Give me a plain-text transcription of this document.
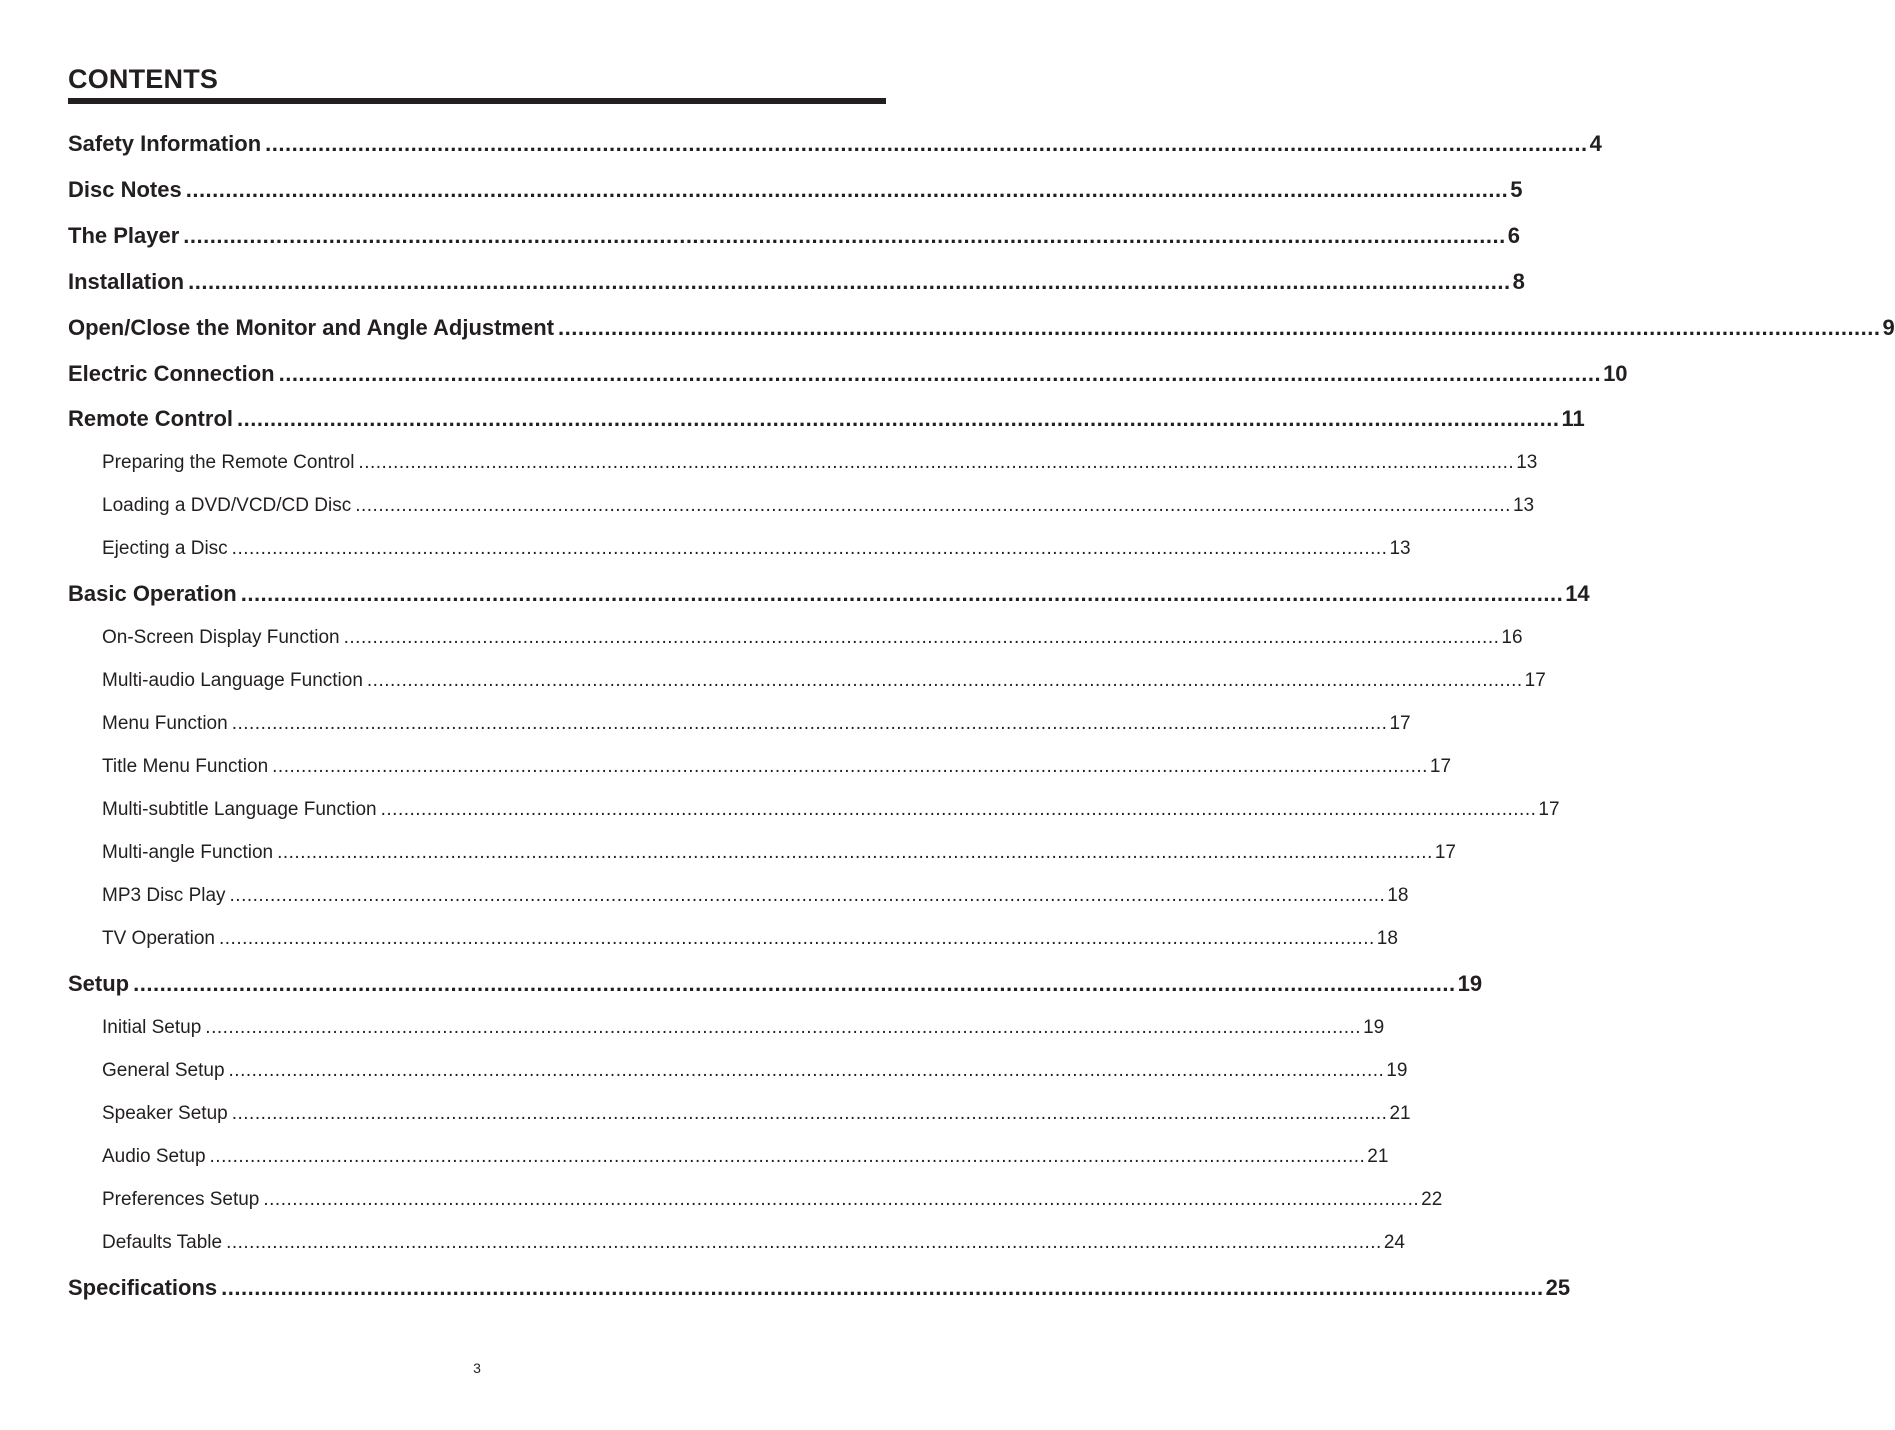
CONTENTS
Safety Information ........................................................................................................................................................................................................ 4
Disc Notes ........................................................................................................................................................................................................ 5
The Player ........................................................................................................................................................................................................ 6
Installation ........................................................................................................................................................................................................ 8
Open/Close the Monitor and Angle Adjustment ........................................................................................................................................................................................................ 9
Electric Connection ........................................................................................................................................................................................................ 10
Remote Control ........................................................................................................................................................................................................ 11
Preparing the Remote Control ........................................................................................................................................................................................................ 13
Loading a DVD/VCD/CD Disc ........................................................................................................................................................................................................ 13
Ejecting a Disc ........................................................................................................................................................................................................ 13
Basic Operation ........................................................................................................................................................................................................ 14
On-Screen Display Function ........................................................................................................................................................................................................ 16
Multi-audio Language Function ........................................................................................................................................................................................................ 17
Menu Function ........................................................................................................................................................................................................ 17
Title Menu Function ........................................................................................................................................................................................................ 17
Multi-subtitle Language Function ........................................................................................................................................................................................................ 17
Multi-angle Function ........................................................................................................................................................................................................ 17
MP3 Disc Play ........................................................................................................................................................................................................ 18
TV Operation ........................................................................................................................................................................................................ 18
Setup ........................................................................................................................................................................................................ 19
Initial Setup ........................................................................................................................................................................................................ 19
General Setup ........................................................................................................................................................................................................ 19
Speaker Setup ........................................................................................................................................................................................................ 21
Audio Setup ........................................................................................................................................................................................................ 21
Preferences Setup ........................................................................................................................................................................................................ 22
Defaults Table ........................................................................................................................................................................................................ 24
Specifications ........................................................................................................................................................................................................ 25
3
